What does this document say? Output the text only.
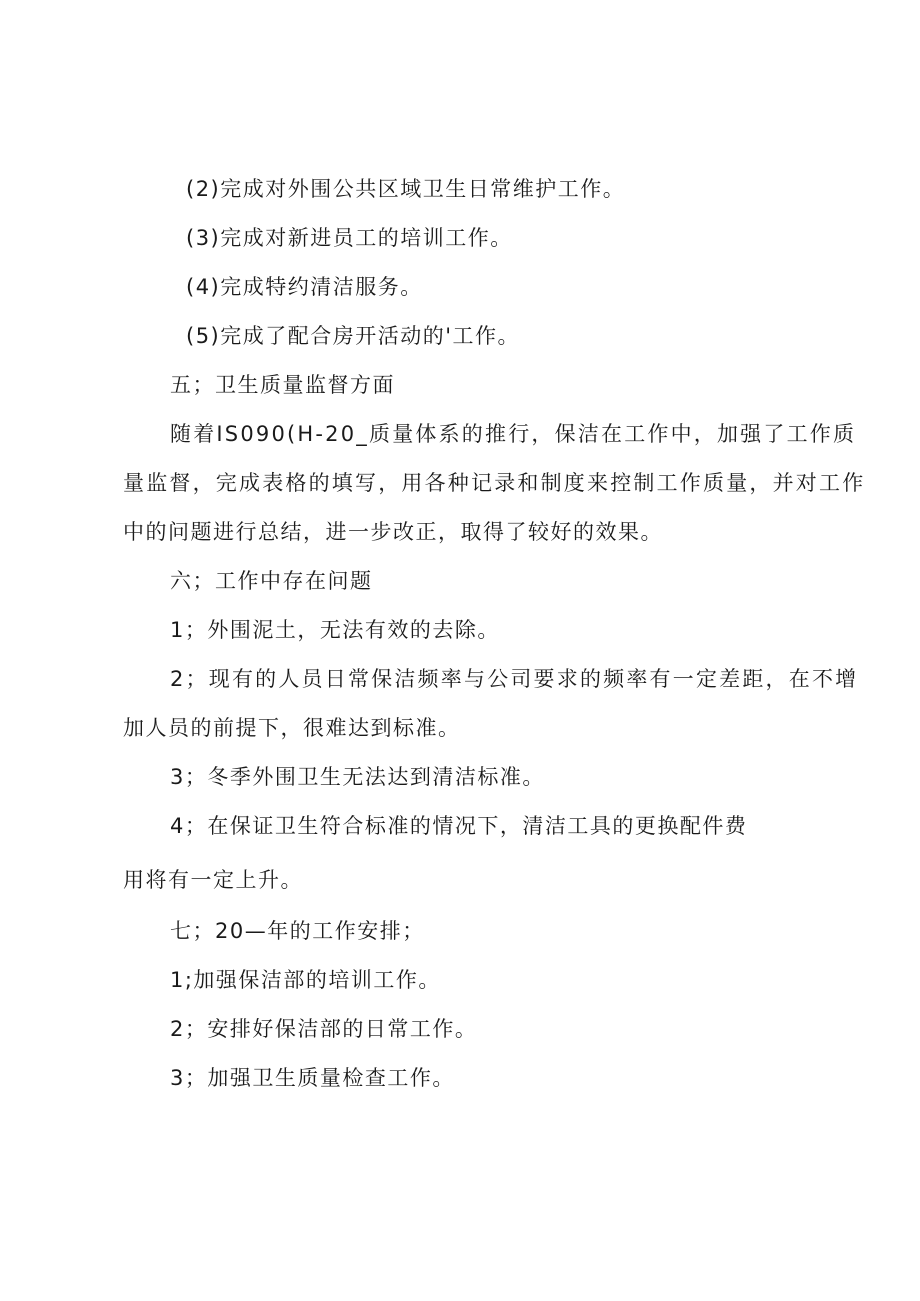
(2)完成对外围公共区域卫生日常维护工作。
(3)完成对新进员工的培训工作。
(4)完成特约清洁服务。
(5)完成了配合房开活动的'工作。
五；卫生质量监督方面
随着IS090(H-20_质量体系的推行，保洁在工作中，加强了工作质
量监督，完成表格的填写，用各种记录和制度来控制工作质量，并对工作
中的问题进行总结，进一步改正，取得了较好的效果。
六；工作中存在问题
1；外围泥土，无法有效的去除。
2；现有的人员日常保洁频率与公司要求的频率有一定差距，在不增
加人员的前提下，很难达到标准。
3；冬季外围卫生无法达到清洁标准。
4；在保证卫生符合标准的情况下，清洁工具的更换配件费
用将有一定上升。
七；20—年的工作安排；
1;加强保洁部的培训工作。
2；安排好保洁部的日常工作。
3；加强卫生质量检查工作。
